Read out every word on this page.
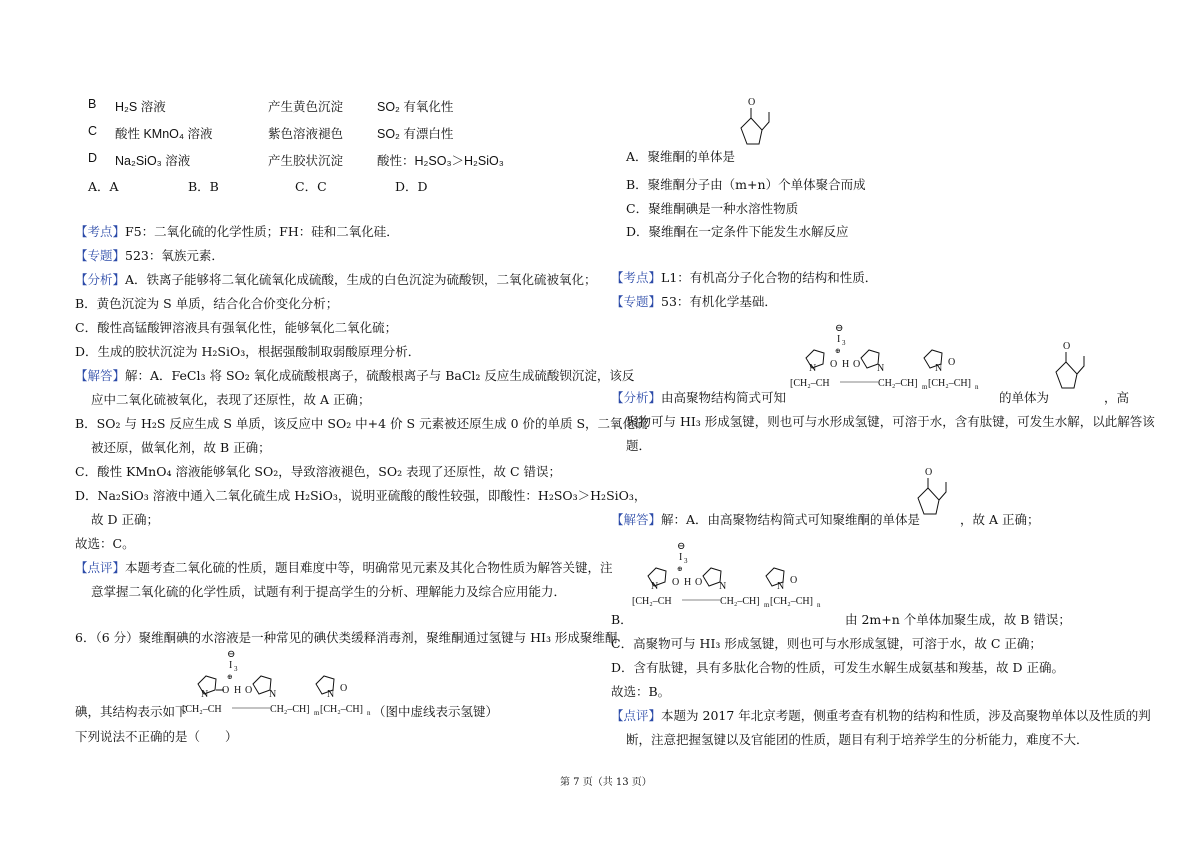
B H₂S 溶液	产生黄色沉淀	SO₂ 有氧化性
C 酸性 KMnO₄ 溶液	紫色溶液褪色	SO₂ 有漂白性
D Na₂SiO₃ 溶液	产生胶状沉淀	酸性：H₂SO₃＞H₂SiO₃
A．A	B．B	C．C	D．D
【考点】F5：二氧化硫的化学性质；FH：硅和二氧化硅．
【专题】523：氧族元素．
【分析】A．铁离子能够将二氧化硫氧化成硫酸，生成的白色沉淀为硫酸钡，二氧化硫被氧化；
B．黄色沉淀为 S 单质，结合化合价变化分析；
C．酸性高锰酸钾溶液具有强氧化性，能够氧化二氧化硫；
D．生成的胶状沉淀为 H₂SiO₃，根据强酸制取弱酸原理分析．
【解答】解：A．FeCl₃ 将 SO₂ 氧化成硫酸根离子，硫酸根离子与 BaCl₂ 反应生成硫酸钡沉淀，该反
应中二氧化硫被氧化，表现了还原性，故 A 正确；
B．SO₂ 与 H₂S 反应生成 S 单质，该反应中 SO₂ 中+4 价 S 元素被还原生成 0 价的单质 S，二氧化硫
被还原，做氧化剂，故 B 正确；
C．酸性 KMnO₄ 溶液能够氧化 SO₂，导致溶液褪色，SO₂ 表现了还原性，故 C 错误；
D．Na₂SiO₃ 溶液中通入二氧化硫生成 H₂SiO₃，说明亚硫酸的酸性较强，即酸性：H₂SO₃＞H₂SiO₃，
故 D 正确；
故选：C。
【点评】本题考查二氧化硫的性质，题目难度中等，明确常见元素及其化合物性质为解答关键，注
意掌握二氧化硫的化学性质，试题有利于提高学生的分析、理解能力及综合应用能力．
6．（6 分）聚维酮碘的水溶液是一种常见的碘伏类缓释消毒剂，聚维酮通过氢键与 HI₃ 形成聚维酮
碘，其结构表示如下	（图中虚线表示氢键）
下列说法不正确的是（　　）
⊖
I 3
⊕
N O H O N	N
O
[CH₂–CH	CH₂–CH] m [CH₂–CH] n
O
A．聚维酮的单体是
B．聚维酮分子由（m+n）个单体聚合而成
C．聚维酮碘是一种水溶性物质
D．聚维酮在一定条件下能发生水解反应
【考点】L1：有机高分子化合物的结构和性质．
【专题】53：有机化学基础．
⊖
I 3
⊕
N O H O N	N
O
[CH₂–CH	CH₂–CH] m [CH₂–CH] n
O
【分析】由高聚物结构简式可知	的单体为	，高
聚物可与 HI₃ 形成氢键，则也可与水形成氢键，可溶于水，含有肽键，可发生水解，以此解答该
题．
O
【解答】解：A．由高聚物结构简式可知聚维酮的单体是	，故 A 正确；
⊖
I 3
⊕
N O H O N	N
O
[CH₂–CH	CH₂–CH] m [CH₂–CH] n
B．	由 2m+n 个单体加聚生成，故 B 错误；
C．高聚物可与 HI₃ 形成氢键，则也可与水形成氢键，可溶于水，故 C 正确；
D．含有肽键，具有多肽化合物的性质，可发生水解生成氨基和羧基，故 D 正确。
故选：B。
【点评】本题为 2017 年北京考题，侧重考查有机物的结构和性质，涉及高聚物单体以及性质的判
断，注意把握氢键以及官能团的性质，题目有利于培养学生的分析能力，难度不大．
第 7 页（共 13 页）
